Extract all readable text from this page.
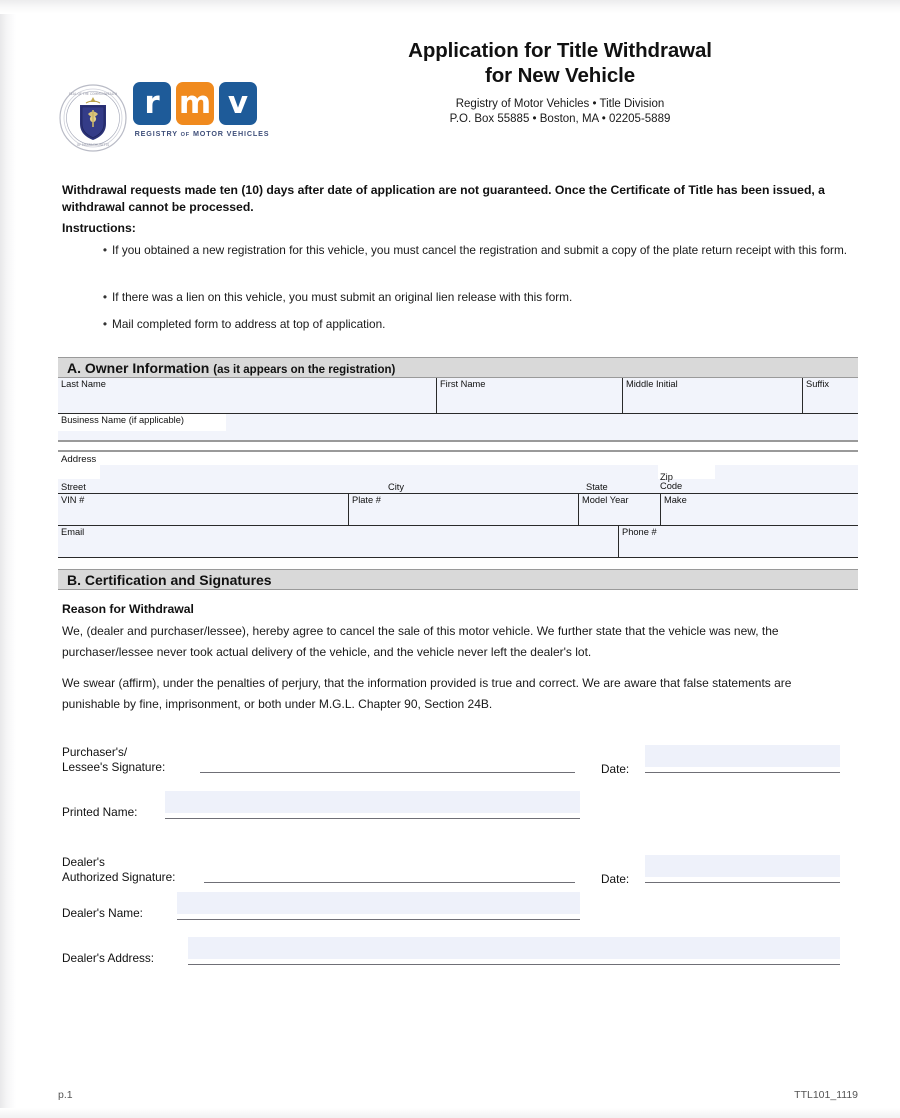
SEAL OF THE COMMONWEALTH
OF MASSACHUSETTS
r m v
REGISTRY OF MOTOR VEHICLES
Application for Title Withdrawal
for New Vehicle
Registry of Motor Vehicles • Title Division
P.O. Box 55885 • Boston, MA • 02205-5889
Withdrawal requests made ten (10) days after date of application are not guaranteed. Once the Certificate of Title has been issued, a withdrawal cannot be processed.
Instructions:
• If you obtained a new registration for this vehicle, you must cancel the registration and submit a copy of the plate return receipt with this form.
• If there was a lien on this vehicle, you must submit an original lien release with this form.
• Mail completed form to address at top of application.
A. Owner Information (as it appears on the registration)
Last Name	First Name	Middle Initial	Suffix
Business Name (if applicable)
Address
Street	City	State
Zip
Code
VIN #	Plate #	Model Year	Make
Email	Phone #
B. Certification and Signatures
Reason for Withdrawal
We, (dealer and purchaser/lessee), hereby agree to cancel the sale of this motor vehicle. We further state that the vehicle was new, the purchaser/lessee never took actual delivery of the vehicle, and the vehicle never left the dealer's lot.
We swear (affirm), under the penalties of perjury, that the information provided is true and correct. We are aware that false statements are punishable by fine, imprisonment, or both under M.G.L. Chapter 90, Section 24B.
Purchaser's/
Lessee's Signature:	Date:
Printed Name:
Dealer's
Authorized Signature:	Date:
Dealer's Name:
Dealer's Address:
p.1	TTL101_1119
